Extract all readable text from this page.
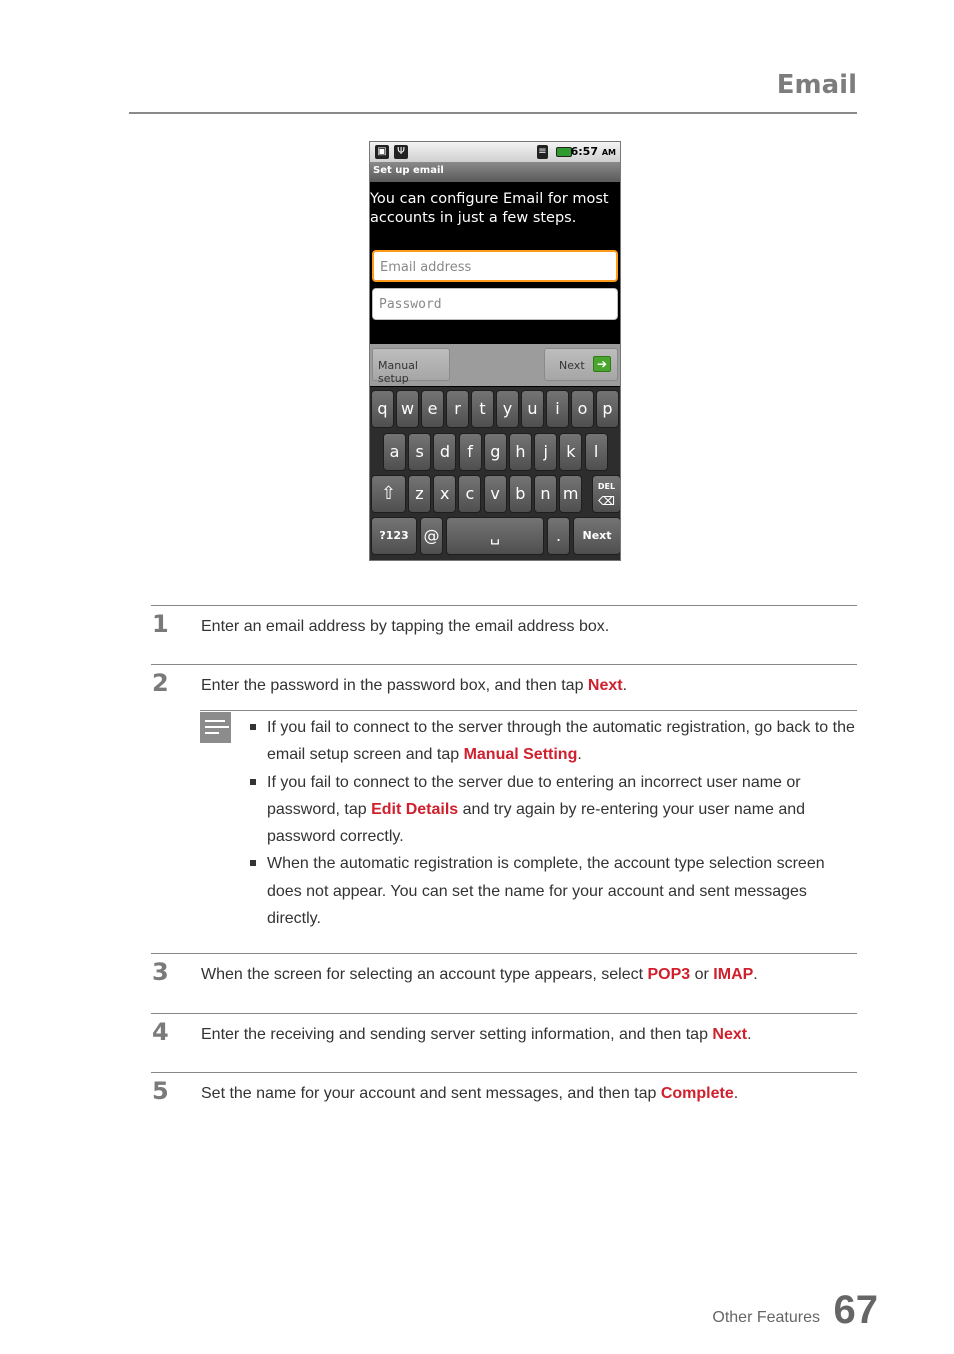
Email
▣	Ψ	≡ 6:57 AM
Set up email
You can configure Email for most accounts in just a few steps.
Email address
Password
Manual setup
Next	➔
q w e	r	t	y u	i	o p
a	s d	f	g h	j	k	l
z	x	c	v b n m
⇧	DEL
⌫
?123 @	␣	.	Next
1 Enter an email address by tapping the email address box.
2 Enter the password in the password box, and then tap Next.
If you fail to connect to the server through the automatic registration, go back to the email setup screen and tap Manual Setting.
If you fail to connect to the server due to entering an incorrect user name or password, tap Edit Details and try again by re-entering your user name and password correctly.
When the automatic registration is complete, the account type selection screen does not appear. You can set the name for your account and sent messages directly.
3 When the screen for selecting an account type appears, select POP3 or IMAP.
4 Enter the receiving and sending server setting information, and then tap Next.
5 Set the name for your account and sent messages, and then tap Complete.
Other Features 67
